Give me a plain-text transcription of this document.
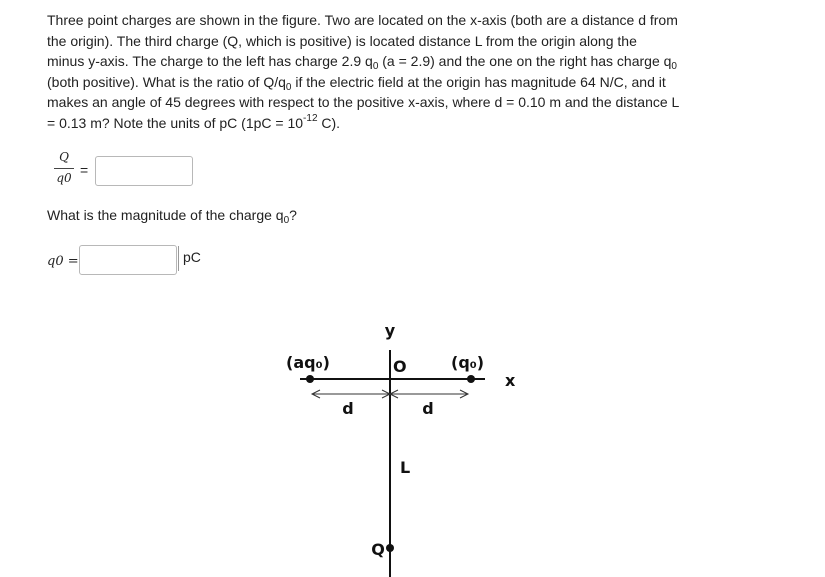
Three point charges are shown in the figure. Two are located on the x-axis (both are a distance d from
the origin). The third charge (Q, which is positive) is located distance L from the origin along the
minus y-axis. The charge to the left has charge 2.9 $q_0$ (a = 2.9) and the one on the right has charge $q_0$
(both positive). What is the ratio of $Q/q_0$ if the electric field at the origin has magnitude 64 N/C, and it
makes an angle of 45 degrees with respect to the positive x-axis, where d = 0.10 m and the distance L
= 0.13 m? Note the units of pC ($1pC = 10^{-12}$ C).
Q
q0 =
What is the magnitude of the charge $q_0$?
q0 =	pC
y
x
O
(aq₀)	(q₀)
d	d
L
Q
